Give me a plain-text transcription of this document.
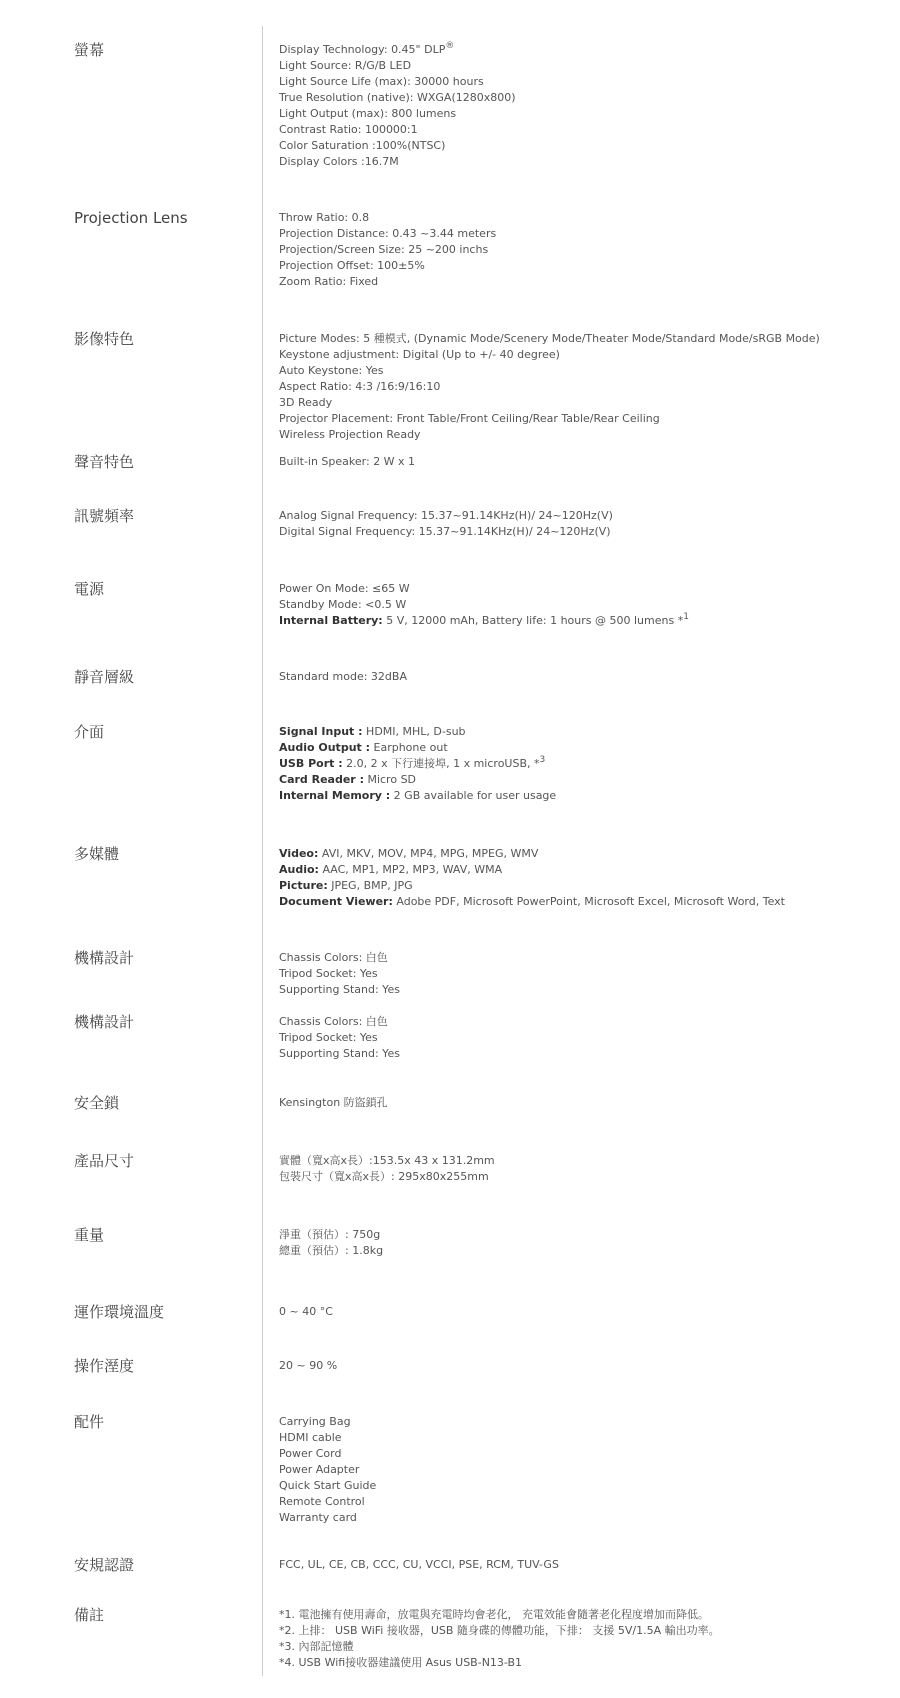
螢幕	Display Technology: 0.45" DLP®
Light Source: R/G/B LED
Light Source Life (max): 30000 hours
True Resolution (native): WXGA(1280x800)
Light Output (max): 800 lumens
Contrast Ratio: 100000:1
Color Saturation :100%(NTSC)
Display Colors :16.7M
Projection Lens	Throw Ratio: 0.8
Projection Distance: 0.43 ~3.44 meters
Projection/Screen Size: 25 ~200 inchs
Projection Offset: 100±5%
Zoom Ratio: Fixed
影像特色	Picture Modes: 5 種模式, (Dynamic Mode/Scenery Mode/Theater Mode/Standard Mode/sRGB Mode)
Keystone adjustment: Digital (Up to +/- 40 degree)
Auto Keystone: Yes
Aspect Ratio: 4:3 /16:9/16:10
3D Ready
Projector Placement: Front Table/Front Ceiling/Rear Table/Rear Ceiling
Wireless Projection Ready
聲音特色	Built-in Speaker: 2 W x 1
訊號頻率	Analog Signal Frequency: 15.37~91.14KHz(H)/ 24~120Hz(V)
Digital Signal Frequency: 15.37~91.14KHz(H)/ 24~120Hz(V)
電源	Power On Mode: ≤65 W
Standby Mode: <0.5 W
Internal Battery: 5 V, 12000 mAh, Battery life: 1 hours @ 500 lumens *$^1$
靜音層級	Standard mode: 32dBA
介面	Signal Input : HDMI, MHL, D-sub
Audio Output : Earphone out
USB Port : 2.0, 2 x 下行連接埠, 1 x microUSB, *$^3$
Card Reader : Micro SD
Internal Memory : 2 GB available for user usage
多媒體	Video: AVI, MKV, MOV, MP4, MPG, MPEG, WMV
Audio: AAC, MP1, MP2, MP3, WAV, WMA
Picture: JPEG, BMP, JPG
Document Viewer: Adobe PDF, Microsoft PowerPoint, Microsoft Excel, Microsoft Word, Text
機構設計	Chassis Colors: 白色
Tripod Socket: Yes
Supporting Stand: Yes
機構設計	Chassis Colors: 白色
Tripod Socket: Yes
Supporting Stand: Yes
安全鎖	Kensington 防盜鎖孔
產品尺寸	實體（寬x高x長）:153.5x 43 x 131.2mm
包裝尺寸（寬x高x長）: 295x80x255mm
重量	淨重（預估）: 750g
總重（預估）: 1.8kg
運作環境溫度	0 ~ 40 °C
操作溼度	20 ~ 90 %
配件	Carrying Bag
HDMI cable
Power Cord
Power Adapter
Quick Start Guide
Remote Control
Warranty card
安規認證	FCC, UL, CE, CB, CCC, CU, VCCI, PSE, RCM, TUV-GS
備註	*1. 電池擁有使用壽命，放電與充電時均會老化， 充電效能會隨著老化程度增加而降低。
*2. 上排： USB WiFi 接收器，USB 隨身碟的傳體功能，下排： 支援 5V/1.5A 輸出功率。
*3. 內部記憶體
*4. USB Wifi接收器建議使用 Asus USB-N13-B1
